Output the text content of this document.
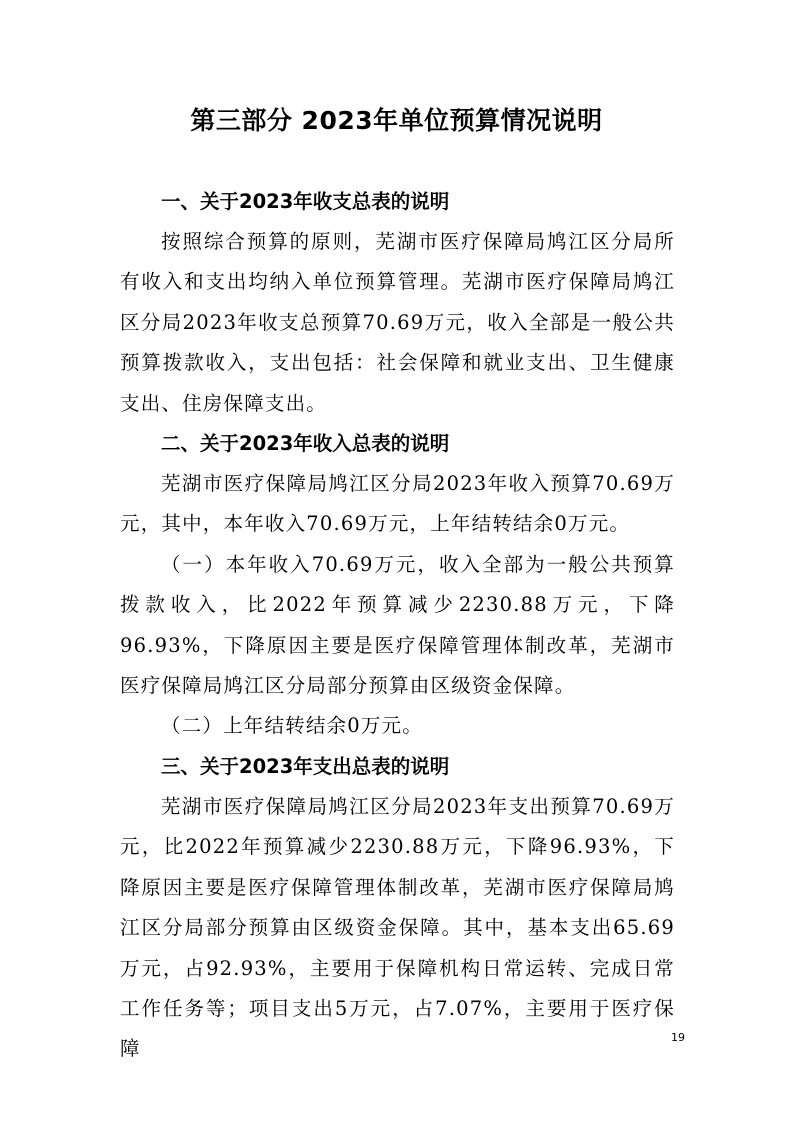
第三部分 2023年单位预算情况说明
一、关于2023年收支总表的说明

按照综合预算的原则，芜湖市医疗保障局鸠江区分局所有收入和支出均纳入单位预算管理。芜湖市医疗保障局鸠江区分局2023年收支总预算70.69万元，收入全部是一般公共预算拨款收入，支出包括：社会保障和就业支出、卫生健康支出、住房保障支出。

二、关于2023年收入总表的说明

芜湖市医疗保障局鸠江区分局2023年收入预算70.69万元，其中，本年收入70.69万元，上年结转结余0万元。

（一）本年收入70.69万元，收入全部为一般公共预算拨款收入，比2022年预算减少2230.88万元，下降96.93%，下降原因主要是医疗保障管理体制改革，芜湖市医疗保障局鸠江区分局部分预算由区级资金保障。

（二）上年结转结余0万元。

三、关于2023年支出总表的说明

芜湖市医疗保障局鸠江区分局2023年支出预算70.69万元，比2022年预算减少2230.88万元，下降96.93%，下降原因主要是医疗保障管理体制改革，芜湖市医疗保障局鸠江区分局部分预算由区级资金保障。其中，基本支出65.69万元，占92.93%，主要用于保障机构日常运转、完成日常工作任务等；项目支出5万元，占7.07%，主要用于医疗保障	19
